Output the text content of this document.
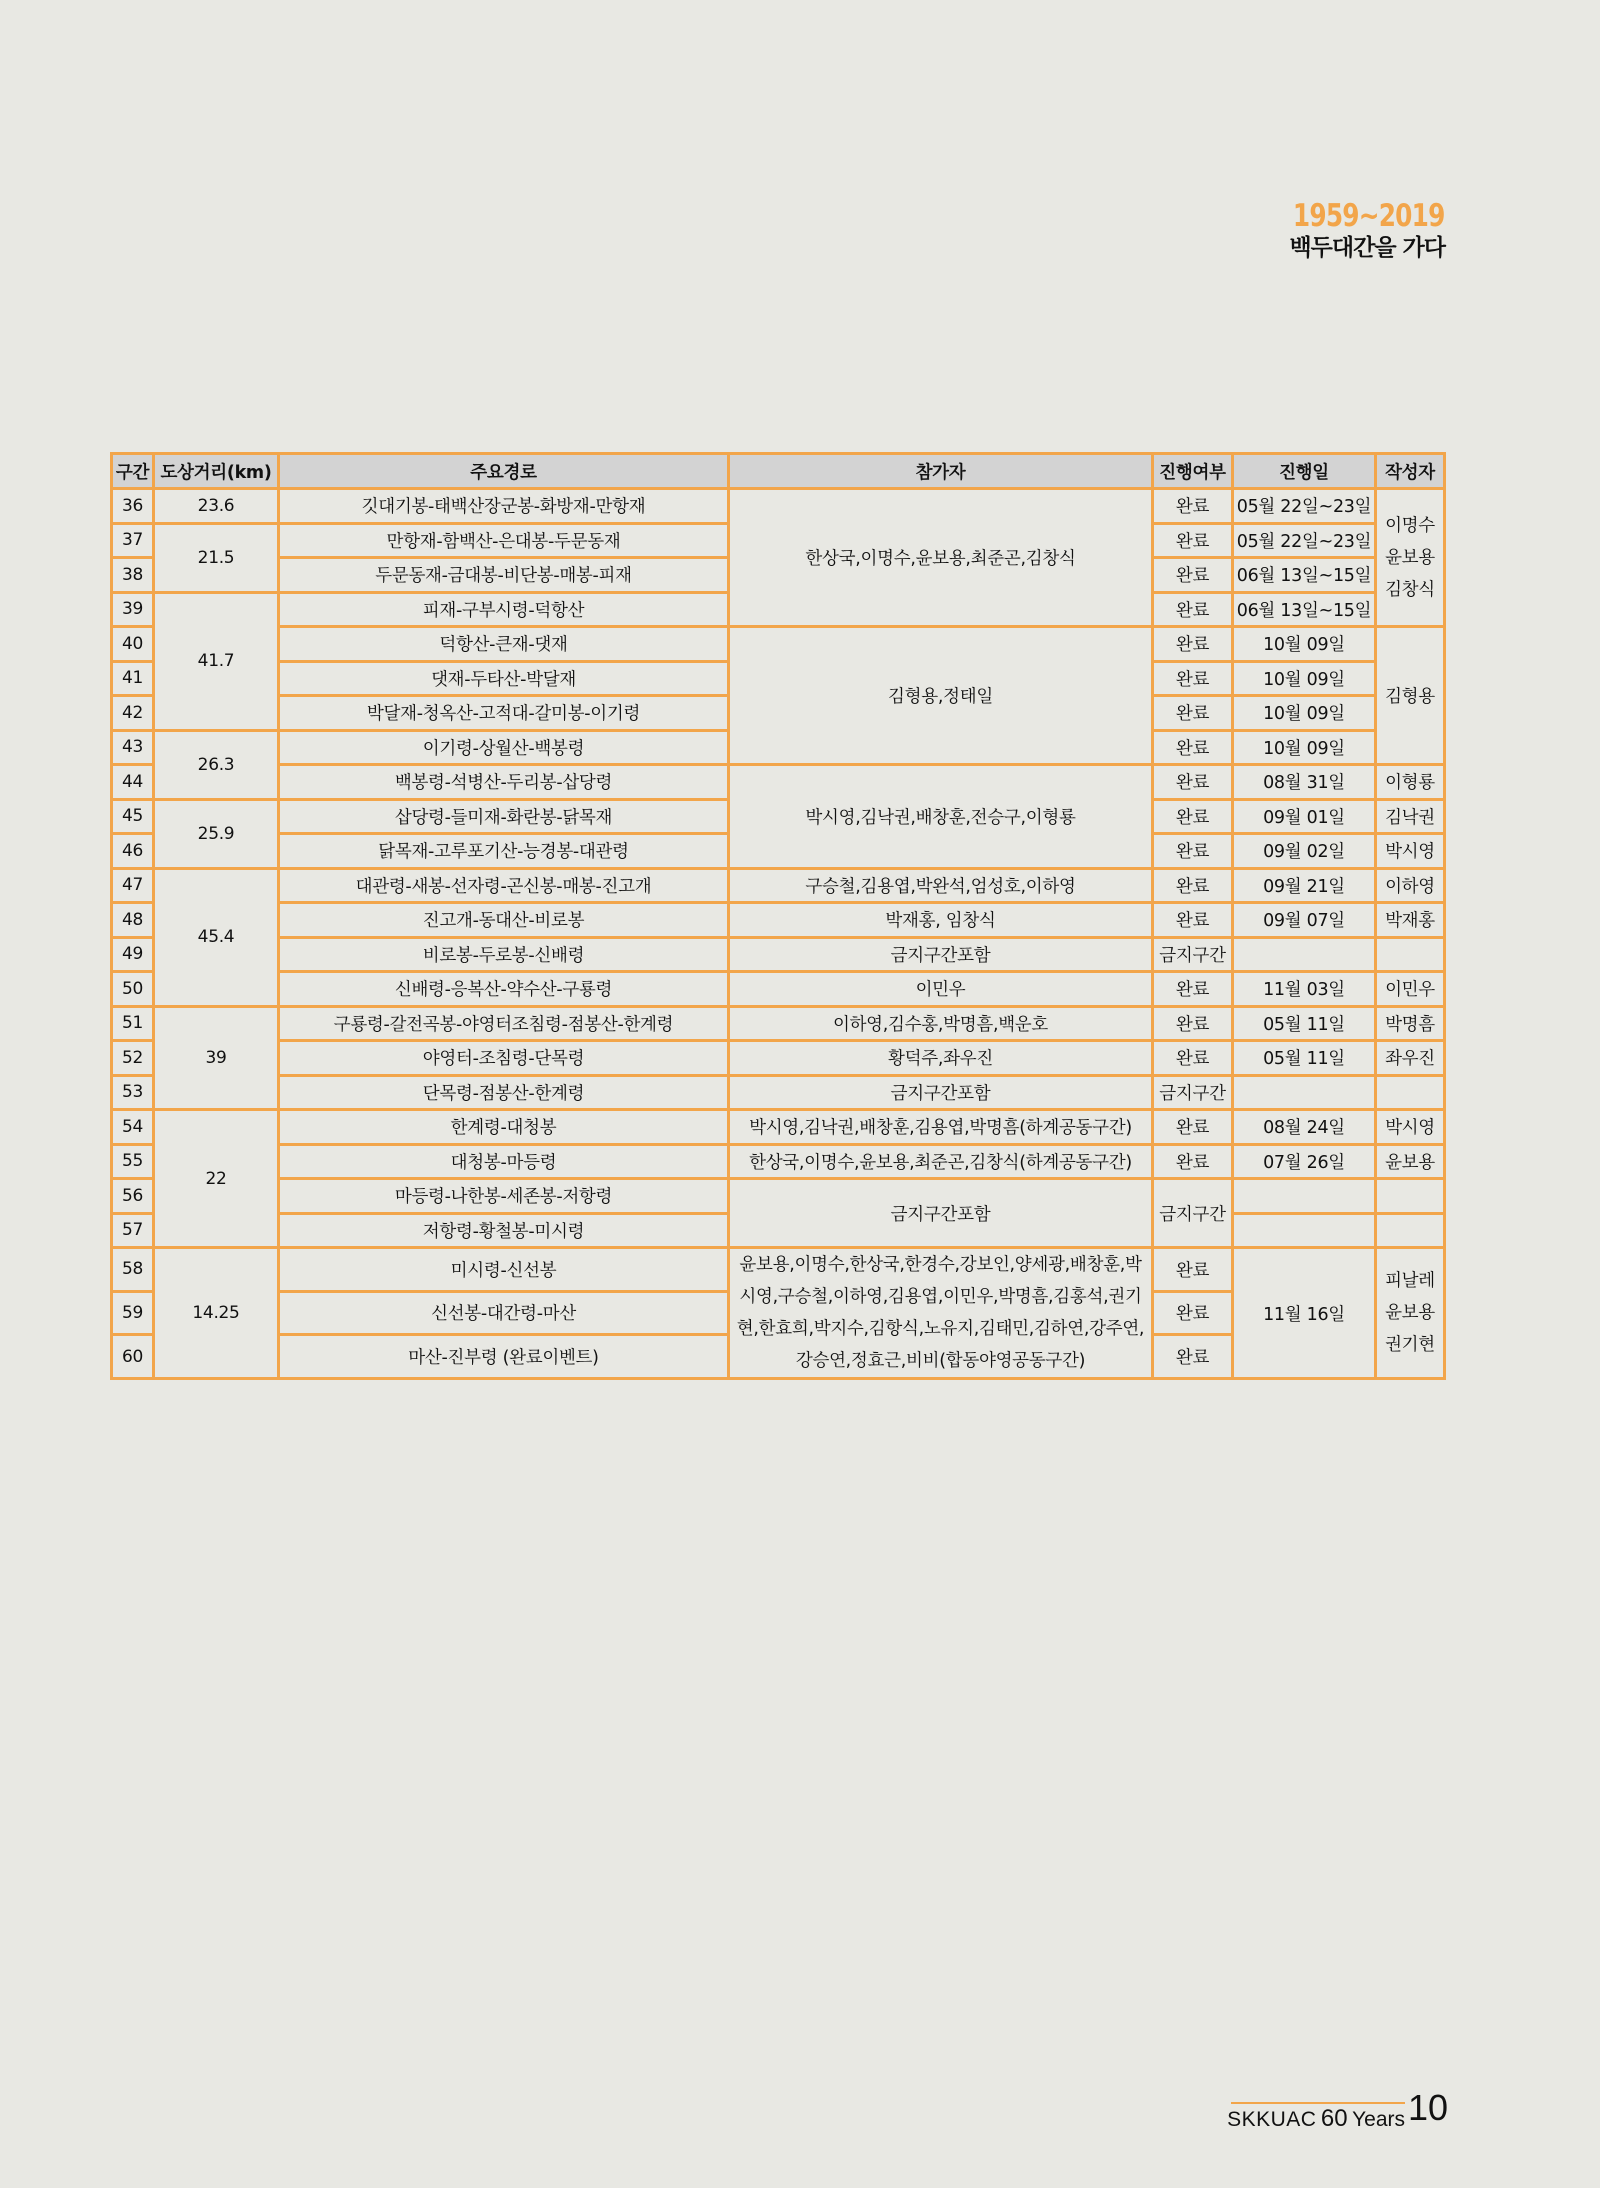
1959~2019
백두대간을 가다
구간	도상거리(km)	주요경로	참가자	진행여부	진행일	작성자
36	23.6	깃대기봉-태백산장군봉-화방재-만항재	한상국,이명수,윤보용,최준곤,김창식	완료	05월 22일~23일	이명수 윤보용 김창식
37	21.5	만항재-함백산-은대봉-두문동재		완료	05월 22일~23일	
38		두문동재-금대봉-비단봉-매봉-피재		완료	06월 13일~15일	
39	41.7	피재-구부시령-덕항산		완료	06월 13일~15일	
40		덕항산-큰재-댓재	김형용,정태일	완료	10월 09일	김형용
41		댓재-두타산-박달재		완료	10월 09일	
42		박달재-청옥산-고적대-갈미봉-이기령		완료	10월 09일	
43	26.3	이기령-상월산-백봉령		완료	10월 09일	
44		백봉령-석병산-두리봉-삽당령	박시영,김낙권,배창훈,전승구,이형룡	완료	08월 31일	이형룡
45	25.9	삽당령-들미재-화란봉-닭목재		완료	09월 01일	김낙권
46		닭목재-고루포기산-능경봉-대관령		완료	09월 02일	박시영
47	45.4	대관령-새봉-선자령-곤신봉-매봉-진고개	구승철,김용엽,박완석,엄성호,이하영	완료	09월 21일	이하영
48		진고개-동대산-비로봉	박재홍, 임창식	완료	09월 07일	박재홍
49		비로봉-두로봉-신배령	금지구간포함	금지구간		
50		신배령-응복산-약수산-구룡령	이민우	완료	11월 03일	이민우
51	39	구룡령-갈전곡봉-야영터조침령-점봉산-한계령	이하영,김수홍,박명흠,백운호	완료	05월 11일	박명흠
52		야영터-조침령-단목령	황덕주,좌우진	완료	05월 11일	좌우진
53		단목령-점봉산-한계령	금지구간포함	금지구간		
54	22	한계령-대청봉	박시영,김낙권,배창훈,김용엽,박명흠(하계공동구간)	완료	08월 24일	박시영
55		대청봉-마등령	한상국,이명수,윤보용,최준곤,김창식(하계공동구간)	완료	07월 26일	윤보용
56		마등령-나한봉-세존봉-저항령	금지구간포함	금지구간		
57		저항령-황철봉-미시령				
58	14.25	미시령-신선봉	윤보용,이명수,한상국,한경수,강보인,양세광,배창훈,박시영,구승철,이하영,김용엽,이민우,박명흠,김홍석,권기현,한효희,박지수,김항식,노유지,김태민,김하연,강주연,강승연,정효근,비비(합동야영공동구간)	완료	11월 16일	피날레 윤보용 권기현
59		신선봉-대간령-마산		완료		
60		마산-진부령 (완료이벤트)		완료		
SKKUAC 60 Years 10
